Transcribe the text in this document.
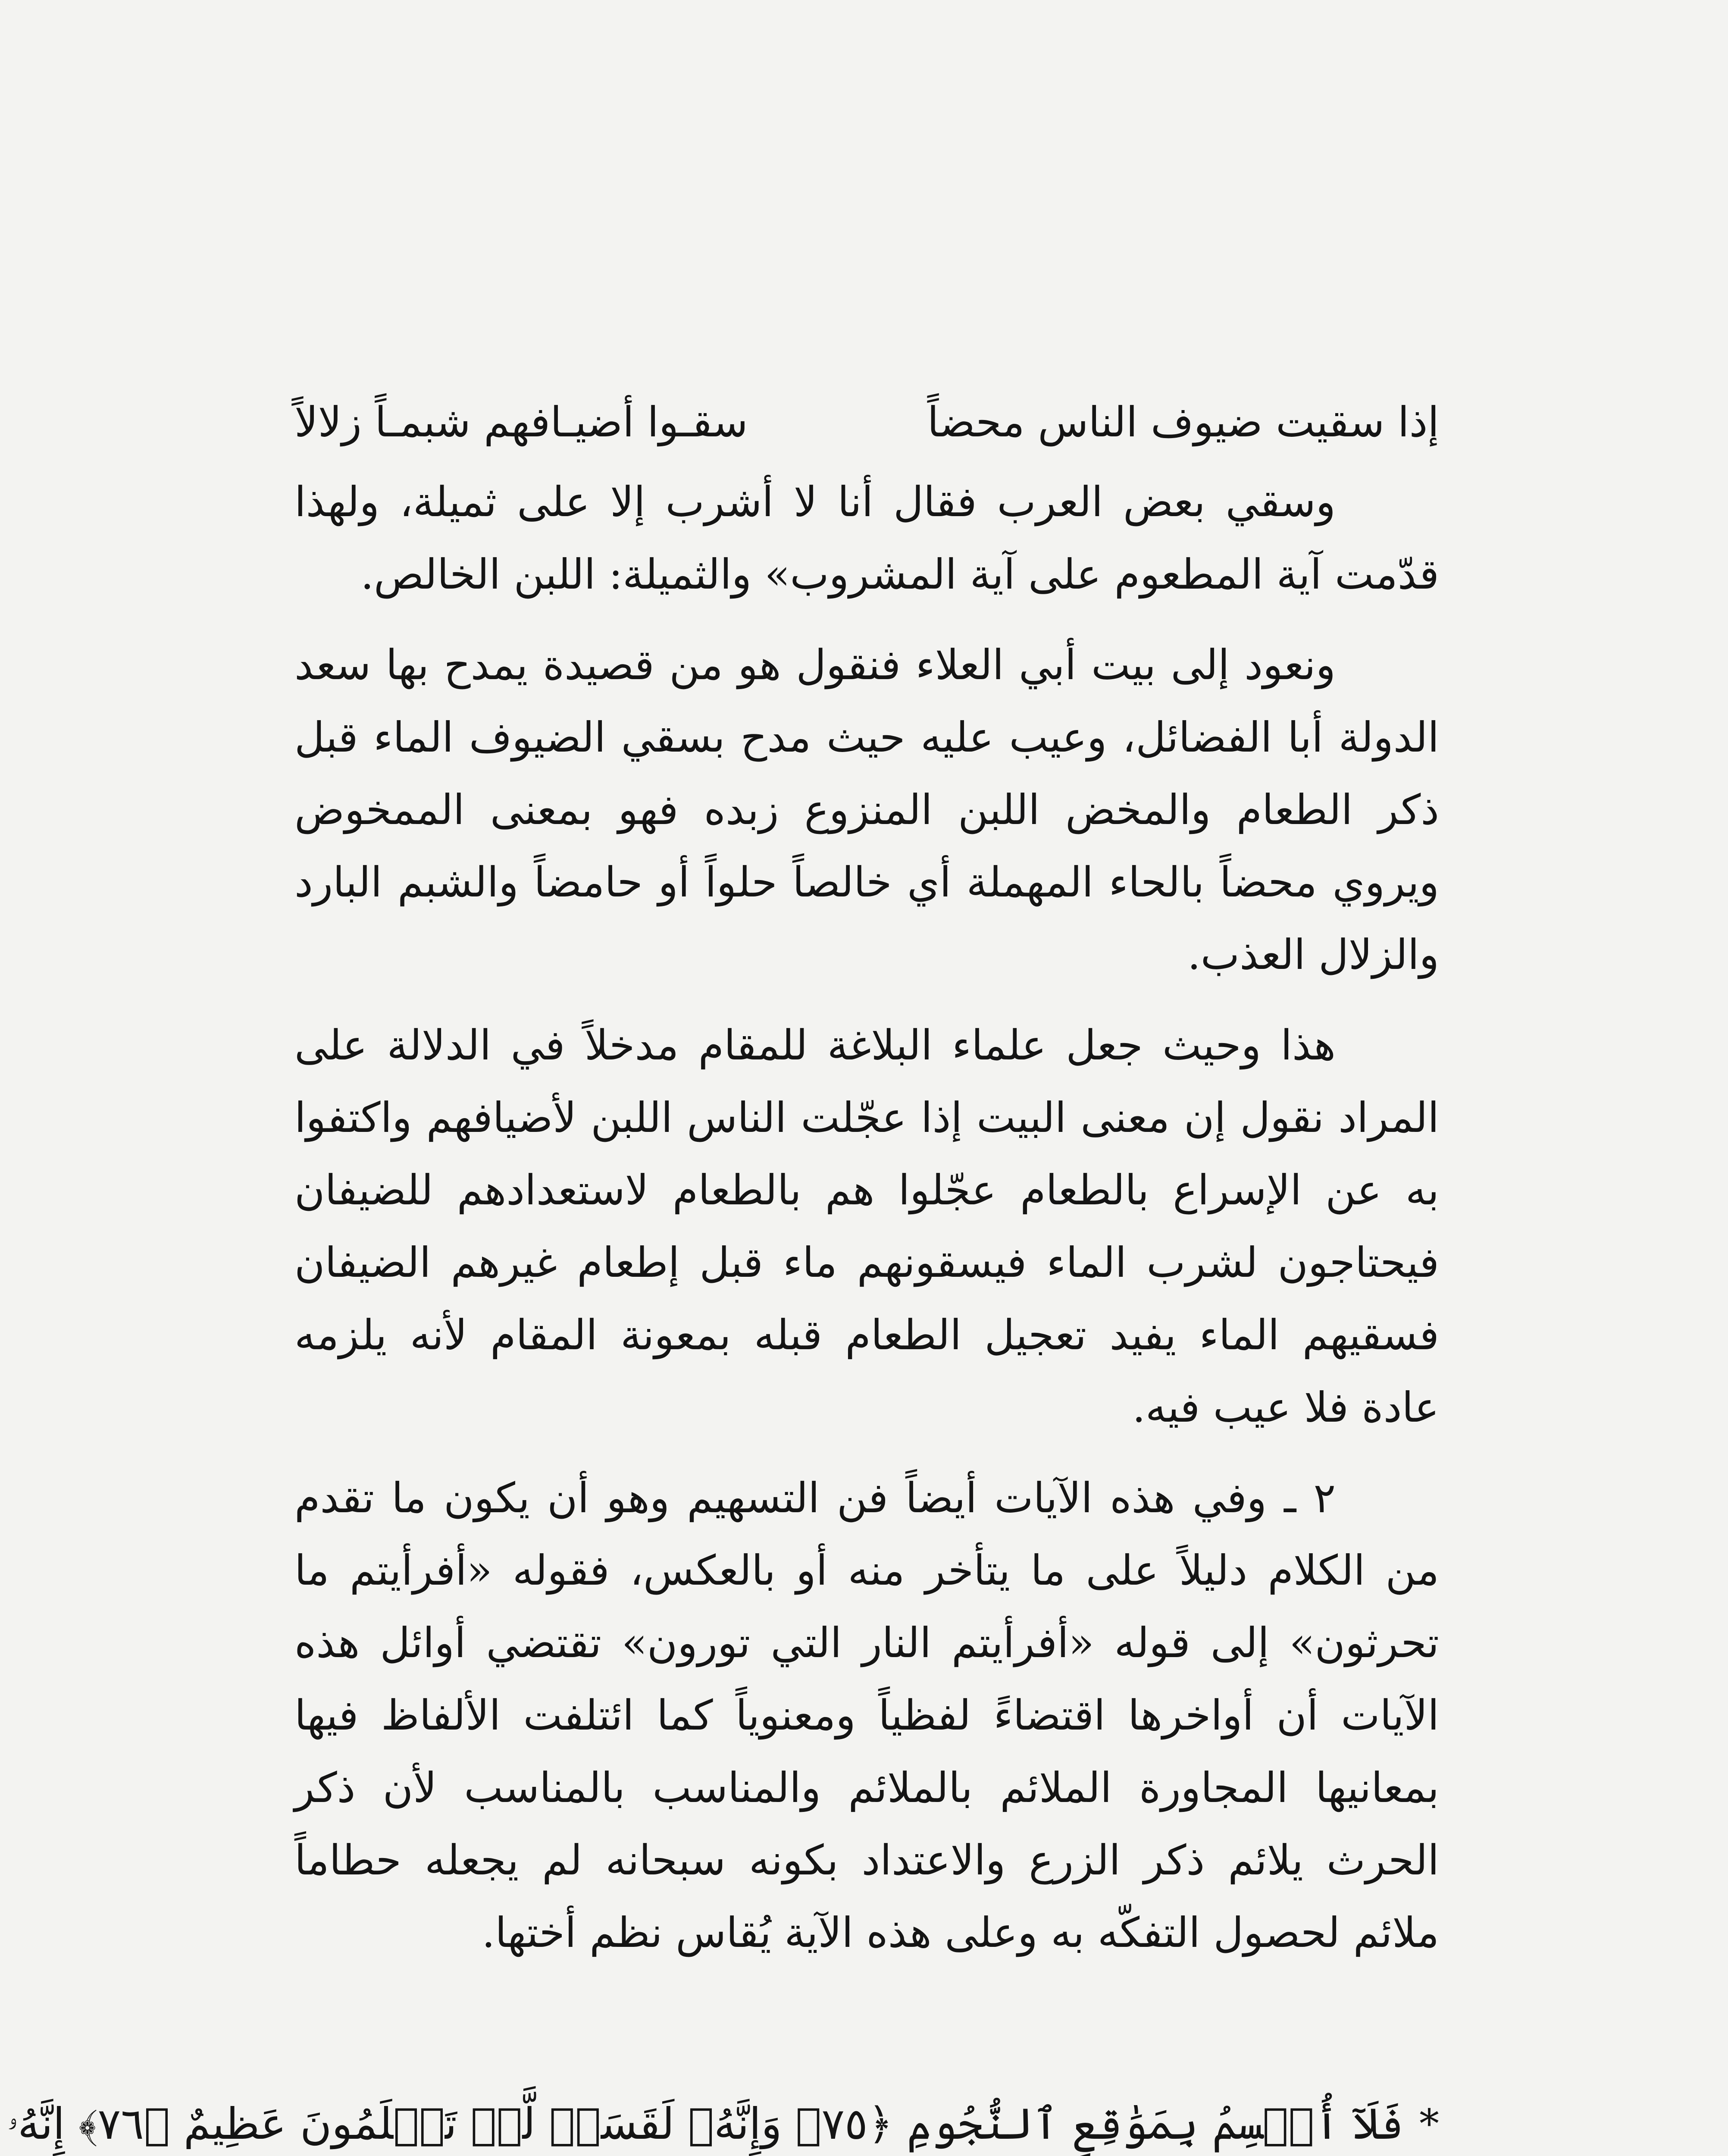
إذا سقيت ضيوف الناس محضاً
سقـوا أضيـافهم شبمـاً زلالاً

وسقي بعض العرب فقال أنا لا أشرب إلا على ثميلة، ولهذا قدّمت آية المطعوم على آية المشروب» والثميلة: اللبن الخالص.

ونعود إلى بيت أبي العلاء فنقول هو من قصيدة يمدح بها سعد الدولة أبا الفضائل، وعيب عليه حيث مدح بسقي الضيوف الماء قبل ذكر الطعام والمخض اللبن المنزوع زبده فهو بمعنى الممخوض ويروي محضاً بالحاء المهملة أي خالصاً حلواً أو حامضاً والشبم البارد والزلال العذب.

هذا وحيث جعل علماء البلاغة للمقام مدخلاً في الدلالة على المراد نقول إن معنى البيت إذا عجّلت الناس اللبن لأضيافهم واكتفوا به عن الإسراع بالطعام عجّلوا هم بالطعام لاستعدادهم للضيفان فيحتاجون لشرب الماء فيسقونهم ماء قبل إطعام غيرهم الضيفان فسقيهم الماء يفيد تعجيل الطعام قبله بمعونة المقام لأنه يلزمه عادة فلا عيب فيه.

٢ ـ وفي هذه الآيات أيضاً فن التسهيم وهو أن يكون ما تقدم من الكلام دليلاً على ما يتأخر منه أو بالعكس، فقوله «أفرأيتم ما تحرثون» إلى قوله «أفرأيتم النار التي تورون» تقتضي أوائل هذه الآيات أن أواخرها اقتضاءً لفظياً ومعنوياً كما ائتلفت الألفاظ فيها بمعانيها المجاورة الملائم بالملائم والمناسب بالمناسب لأن ذكر الحرث يلائم ذكر الزرع والاعتداد بكونه سبحانه لم يجعله حطاماً ملائم لحصول التفكّه به وعلى هذه الآية يُقاس نظم أختها.

*
فَلَآ أُقۡسِمُ بِمَوَٰقِعِ ٱلنُّجُومِ ﴿٧٥﴾ وَإِنَّهُۥ لَقَسَمٞ لَّوۡ تَعۡلَمُونَ عَظِيمٌ ﴿٧٦﴾ إِنَّهُۥ
